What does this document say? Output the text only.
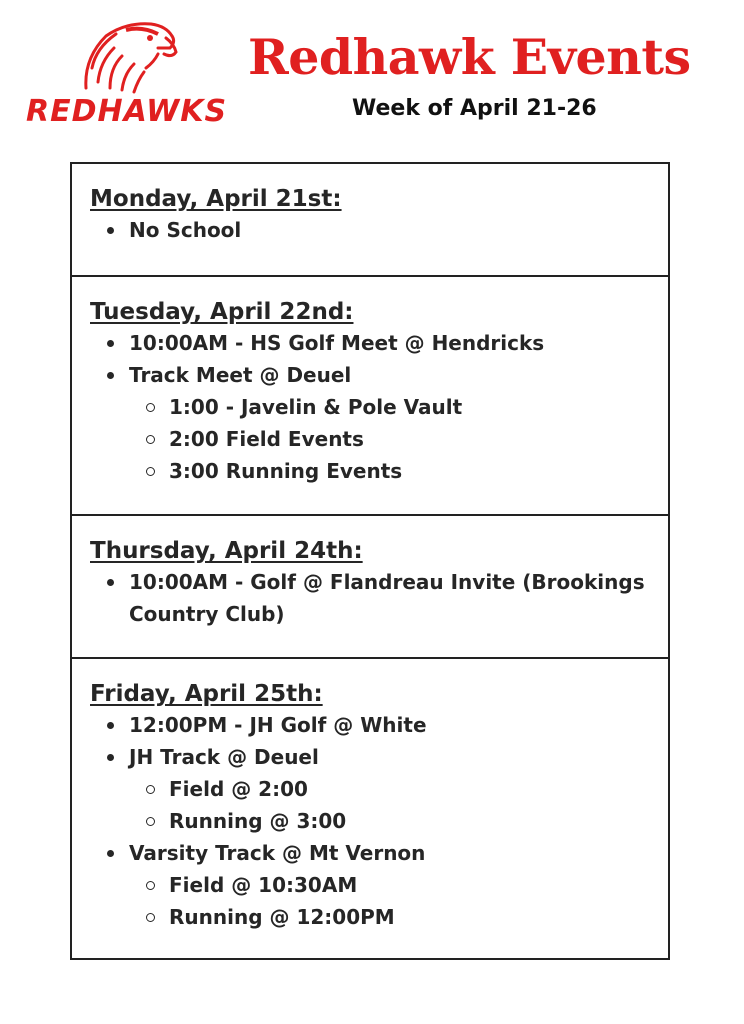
REDHAWKS
Redhawk Events
Week of April 21-26
Monday, April 21st:
No School
Tuesday, April 22nd:
10:00AM - HS Golf Meet @ Hendricks
Track Meet @ Deuel
1:00 - Javelin & Pole Vault
2:00 Field Events
3:00 Running Events
Thursday, April 24th:
10:00AM - Golf @ Flandreau Invite (Brookings Country Club)
Friday, April 25th:
12:00PM - JH Golf @ White
JH Track @ Deuel
Field @ 2:00
Running @ 3:00
Varsity Track @ Mt Vernon
Field @ 10:30AM
Running @ 12:00PM
